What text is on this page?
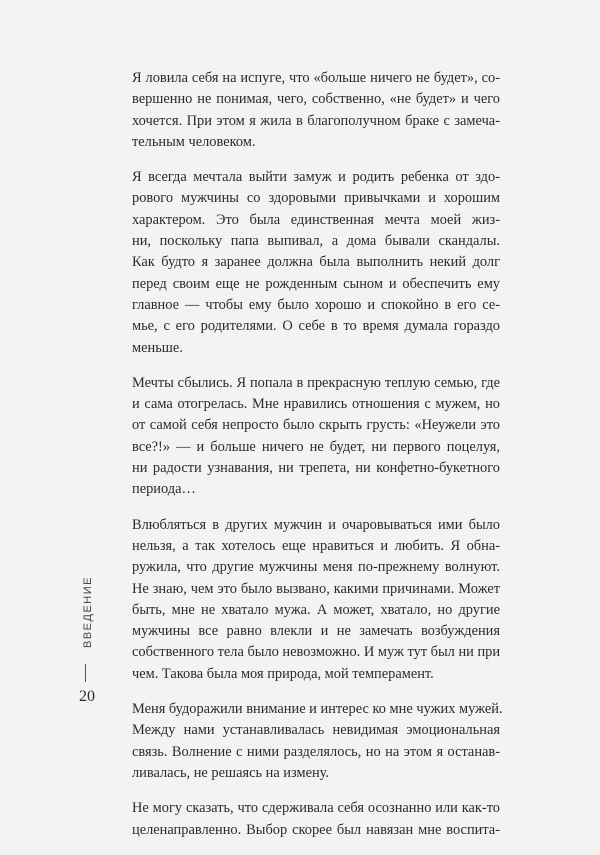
Я ловила себя на испуге, что «больше ничего не будет», со-
вершенно не понимая, чего, собственно, «не будет» и чего
хочется. При этом я жила в благополучном браке с замеча-
тельным человеком.
Я всегда мечтала выйти замуж и родить ребенка от здо-
рового мужчины со здоровыми привычками и хорошим
характером. Это была единственная мечта моей жиз-
ни, поскольку папа выпивал, а дома бывали скандалы.
Как будто я заранее должна была выполнить некий долг
перед своим еще не рожденным сыном и обеспечить ему
главное — чтобы ему было хорошо и спокойно в его се-
мье, с его родителями. О себе в то время думала гораздо
меньше.
Мечты сбылись. Я попала в прекрасную теплую семью, где
и сама отогрелась. Мне нравились отношения с мужем, но
от самой себя непросто было скрыть грусть: «Неужели это
все?!» — и больше ничего не будет, ни первого поцелуя,
ни радости узнавания, ни трепета, ни конфетно-букетного
периода…
Влюбляться в других мужчин и очаровываться ими было
нельзя, а так хотелось еще нравиться и любить. Я обна-
ружила, что другие мужчины меня по-прежнему волнуют.
Не знаю, чем это было вызвано, какими причинами. Может
быть, мне не хватало мужа. А может, хватало, но другие
мужчины все равно влекли и не замечать возбуждения
собственного тела было невозможно. И муж тут был ни при
чем. Такова была моя природа, мой темперамент.
Меня будоражили внимание и интерес ко мне чужих мужей.
Между нами устанавливалась невидимая эмоциональная
связь. Волнение с ними разделялось, но на этом я останав-
ливалась, не решаясь на измену.
Не могу сказать, что сдерживала себя осознанно или как-то
целенаправленно. Выбор скорее был навязан мне воспита-
ВВЕДЕНИЕ
20
